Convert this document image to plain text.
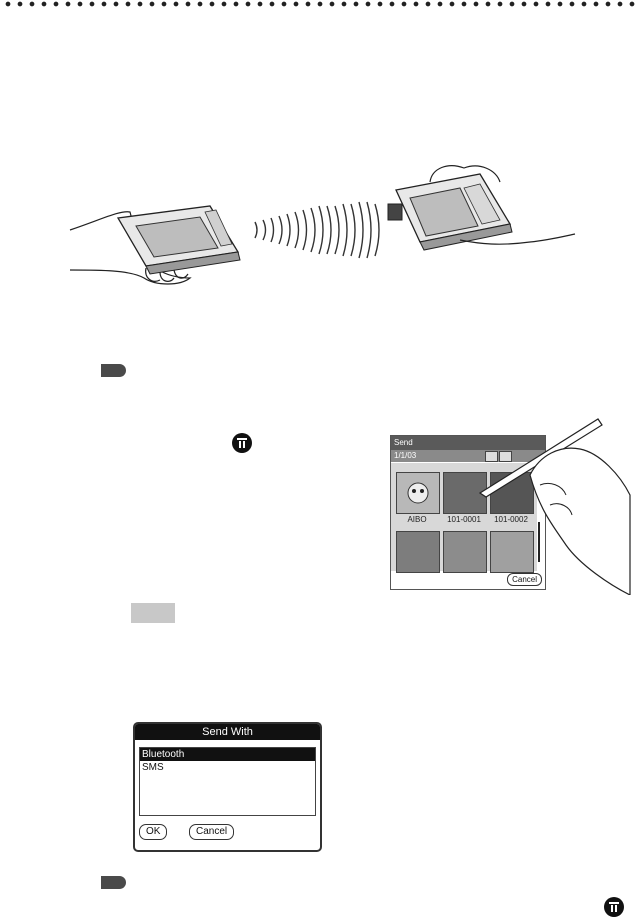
Send
1/1/03
AIBO	101-0001	101-0002
Cancel
Send With
Bluetooth
SMS
OK	Cancel
